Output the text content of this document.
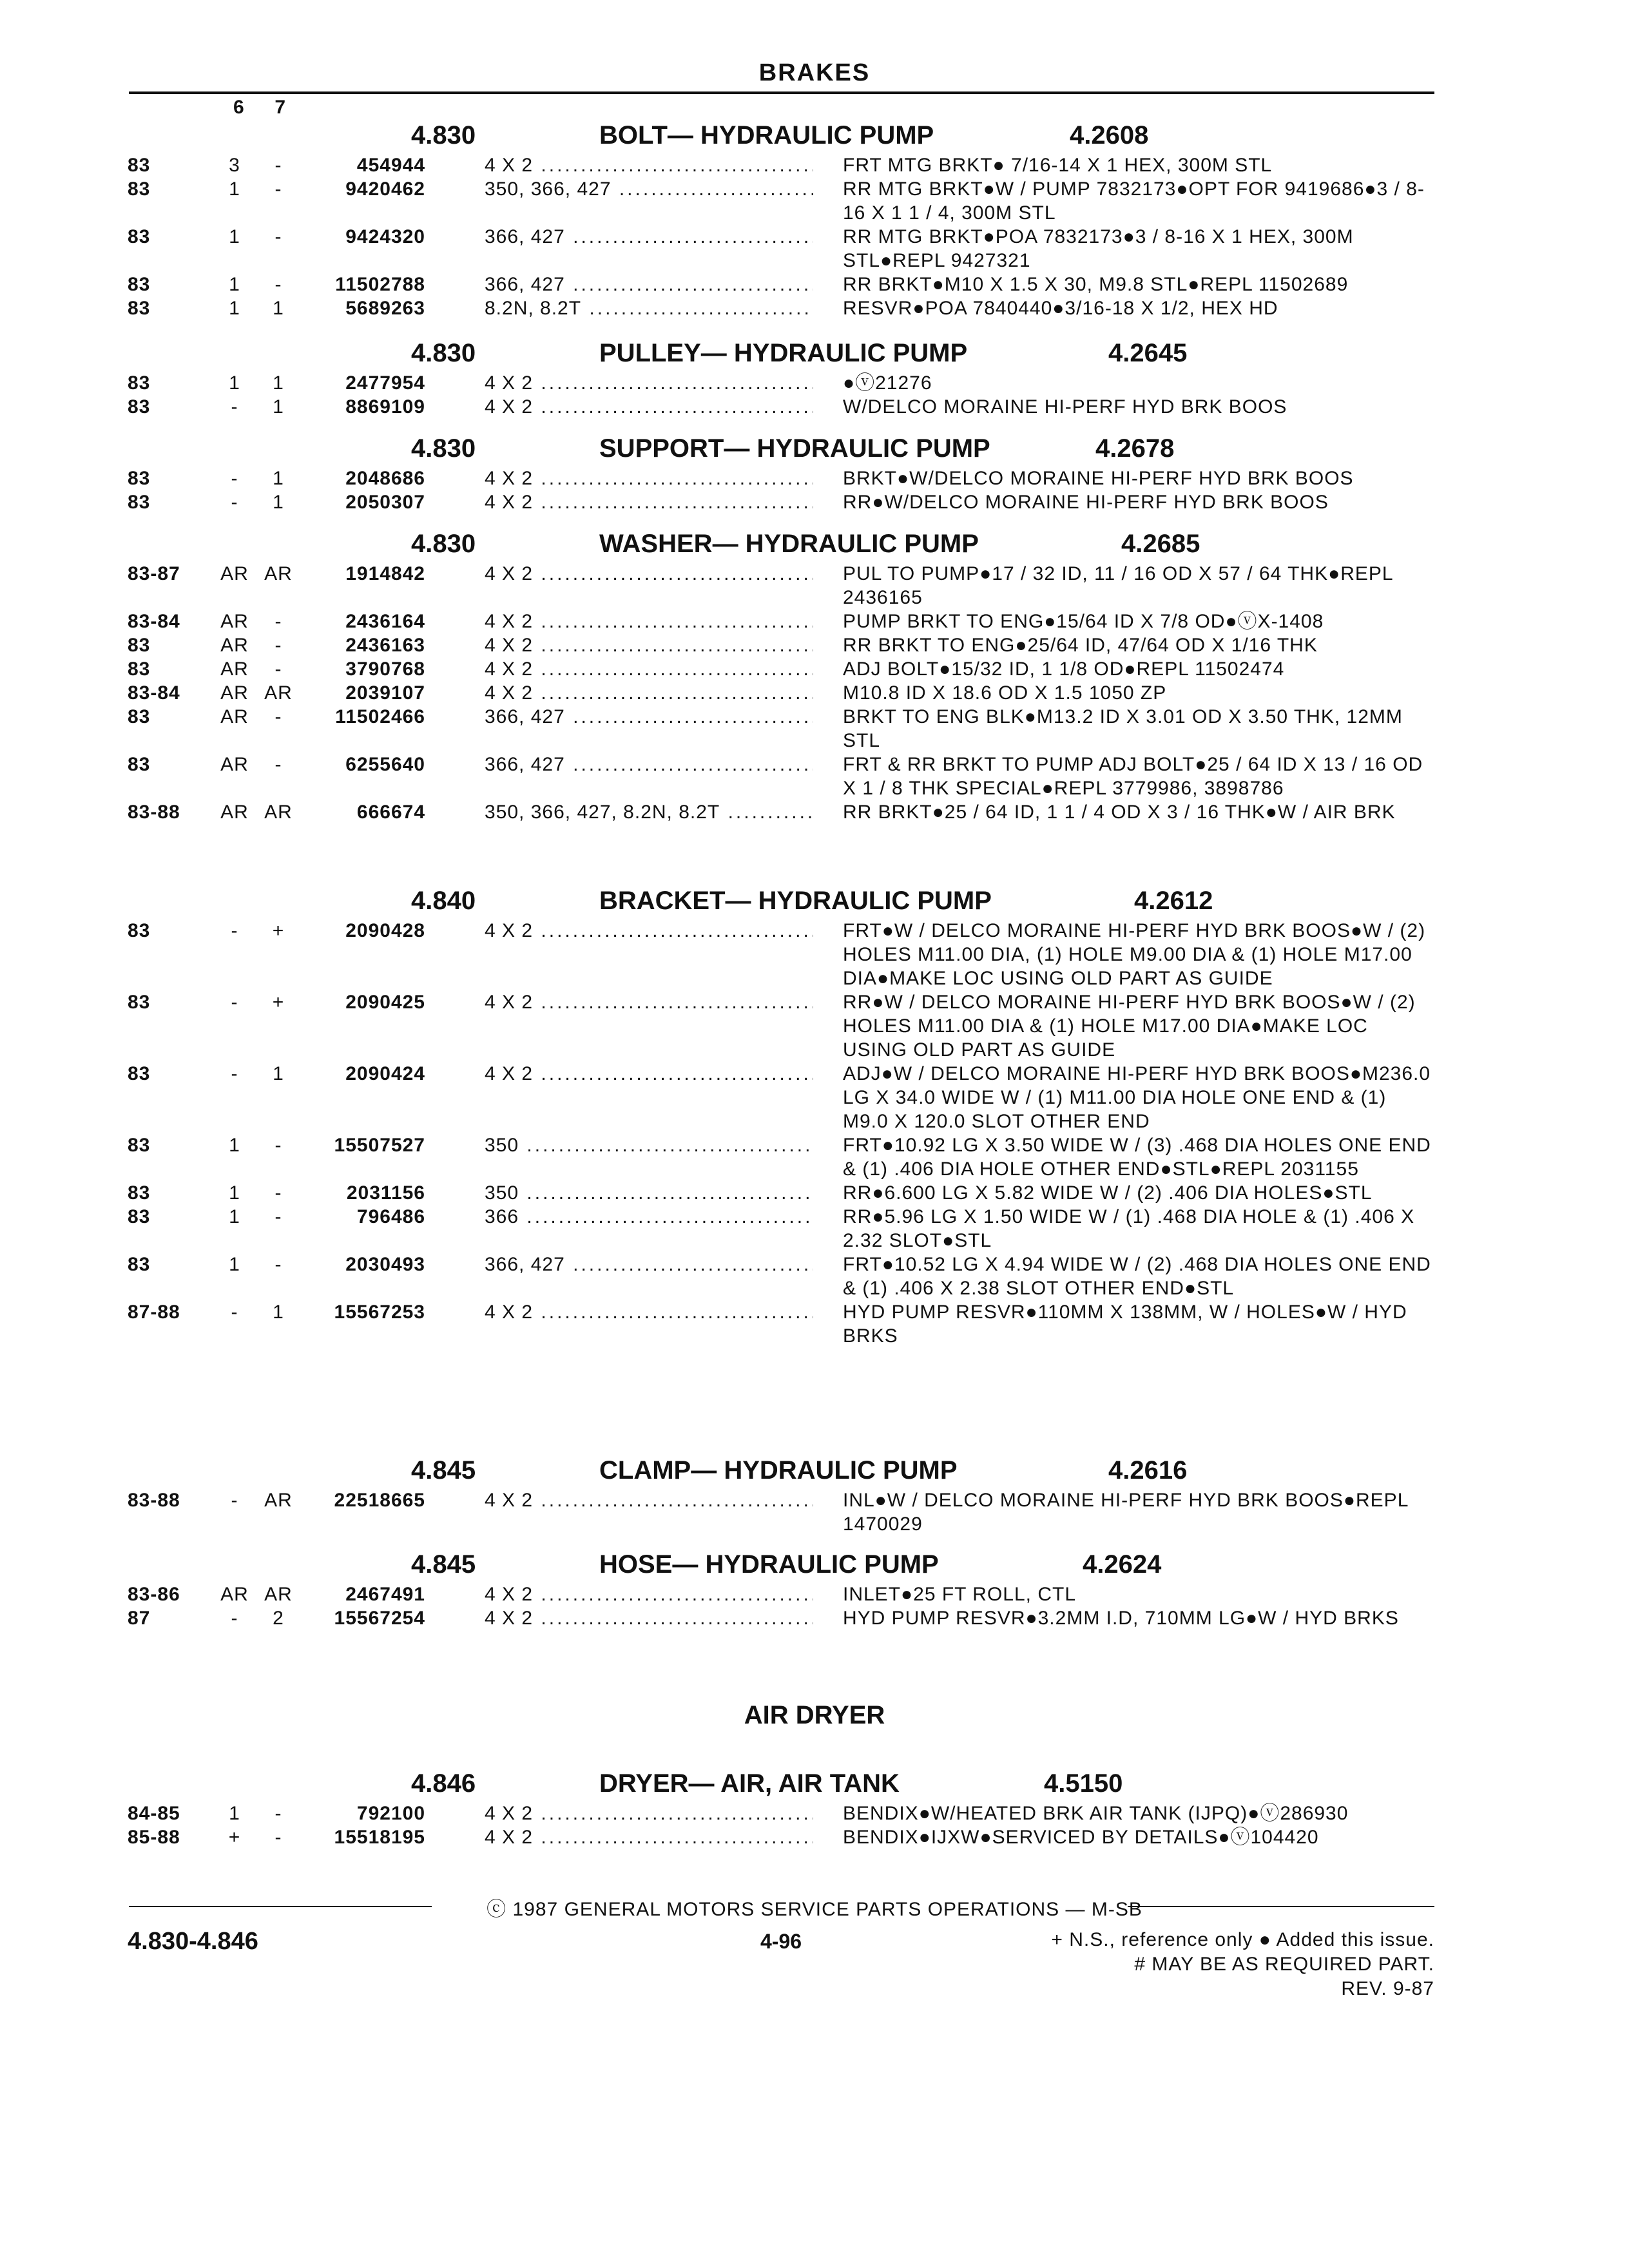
BRAKES
6 7
4.830	BOLT— HYDRAULIC PUMP	4.2608
83	3	-	454944	4 X 2 .....	FRT MTG BRKT● 7/16-14 X 1 HEX, 300M STL
83	1	-	9420462	350, 366, 427 .....	RR MTG BRKT●W / PUMP 7832173●OPT FOR 9419686●3 / 8-16 X 1 1 / 4, 300M STL
83	1	-	9424320	366, 427 .....	RR MTG BRKT●POA 7832173●3 / 8-16 X 1 HEX, 300M STL●REPL 9427321
83	1	-	11502788	366, 427 .....	RR BRKT●M10 X 1.5 X 30, M9.8 STL●REPL 11502689
83	1	1	5689263	8.2N, 8.2T .....	RESVR●POA 7840440●3/16-18 X 1/2, HEX HD
4.830	PULLEY— HYDRAULIC PUMP	4.2645
83	1	1	2477954	4 X 2 .....	●ⓥ21276
83	-	1	8869109	4 X 2 .....	W/DELCO MORAINE HI-PERF HYD BRK BOOS
4.830	SUPPORT— HYDRAULIC PUMP	4.2678
83	-	1	2048686	4 X 2 .....	BRKT●W/DELCO MORAINE HI-PERF HYD BRK BOOS
83	-	1	2050307	4 X 2 .....	RR●W/DELCO MORAINE HI-PERF HYD BRK BOOS
4.830	WASHER— HYDRAULIC PUMP	4.2685
83-87 AR AR	1914842	4 X 2 .....	PUL TO PUMP●17 / 32 ID, 11 / 16 OD X 57 / 64 THK●REPL 2436165
83-84 AR	-	2436164	4 X 2 .....	PUMP BRKT TO ENG●15/64 ID X 7/8 OD●ⓥX-1408
83	AR	-	2436163	4 X 2 .....	RR BRKT TO ENG●25/64 ID, 47/64 OD X 1/16 THK
83	AR	-	3790768	4 X 2 .....	ADJ BOLT●15/32 ID, 1 1/8 OD●REPL 11502474
83-84 AR AR	2039107	4 X 2 .....	M10.8 ID X 18.6 OD X 1.5 1050 ZP
83	AR	-	11502466	366, 427 .....	BRKT TO ENG BLK●M13.2 ID X 3.01 OD X 3.50 THK, 12MM STL
83	AR	-	6255640	366, 427 .....	FRT & RR BRKT TO PUMP ADJ BOLT●25 / 64 ID X 13 / 16 OD X 1 / 8 THK SPECIAL●REPL 3779986, 3898786
83-88 AR AR	666674	350, 366, 427, 8.2N, 8.2T .....	RR BRKT●25 / 64 ID, 1 1 / 4 OD X 3 / 16 THK●W / AIR BRK
4.840	BRACKET— HYDRAULIC PUMP	4.2612
83	-	+	2090428	4 X 2 .....	FRT●W / DELCO MORAINE HI-PERF HYD BRK BOOS●W / (2) HOLES M11.00 DIA, (1) HOLE M9.00 DIA & (1) HOLE M17.00 DIA●MAKE LOC USING OLD PART AS GUIDE
83	-	+	2090425	4 X 2 .....	RR●W / DELCO MORAINE HI-PERF HYD BRK BOOS●W / (2) HOLES M11.00 DIA & (1) HOLE M17.00 DIA●MAKE LOC USING OLD PART AS GUIDE
83	-	1	2090424	4 X 2 .....	ADJ●W / DELCO MORAINE HI-PERF HYD BRK BOOS●M236.0 LG X 34.0 WIDE W / (1) M11.00 DIA HOLE ONE END & (1) M9.0 X 120.0 SLOT OTHER END
83	1	-	15507527	350 .....	FRT●10.92 LG X 3.50 WIDE W / (3) .468 DIA HOLES ONE END & (1) .406 DIA HOLE OTHER END●STL●REPL 2031155
83	1	-	2031156	350 .....	RR●6.600 LG X 5.82 WIDE W / (2) .406 DIA HOLES●STL
83	1	-	796486	366 .....	RR●5.96 LG X 1.50 WIDE W / (1) .468 DIA HOLE & (1) .406 X 2.32 SLOT●STL
83	1	-	2030493	366, 427 .....	FRT●10.52 LG X 4.94 WIDE W / (2) .468 DIA HOLES ONE END & (1) .406 X 2.38 SLOT OTHER END●STL
87-88	-	1	15567253	4 X 2 .....	HYD PUMP RESVR●110MM X 138MM, W / HOLES●W / HYD BRKS
4.845	CLAMP— HYDRAULIC PUMP	4.2616
83-88	-	AR	22518665	4 X 2 .....	INL●W / DELCO MORAINE HI-PERF HYD BRK BOOS●REPL 1470029
4.845	HOSE— HYDRAULIC PUMP	4.2624
83-86 AR AR	2467491	4 X 2 .....	INLET●25 FT ROLL, CTL
87	-	2	15567254	4 X 2 .....	HYD PUMP RESVR●3.2MM I.D, 710MM LG●W / HYD BRKS
AIR DRYER
4.846	DRYER— AIR, AIR TANK	4.5150
84-85	1	-	792100	4 X 2 .....	BENDIX●W/HEATED BRK AIR TANK (IJPQ)●ⓥ286930
85-88	+	-	15518195	4 X 2 .....	BENDIX●IJXW●SERVICED BY DETAILS●ⓥ104420
ⓒ 1987 GENERAL MOTORS SERVICE PARTS OPERATIONS — M-SB
4.830-4.846	4-96	+ N.S., reference only ● Added this issue.
# MAY BE AS REQUIRED PART.
REV. 9-87
